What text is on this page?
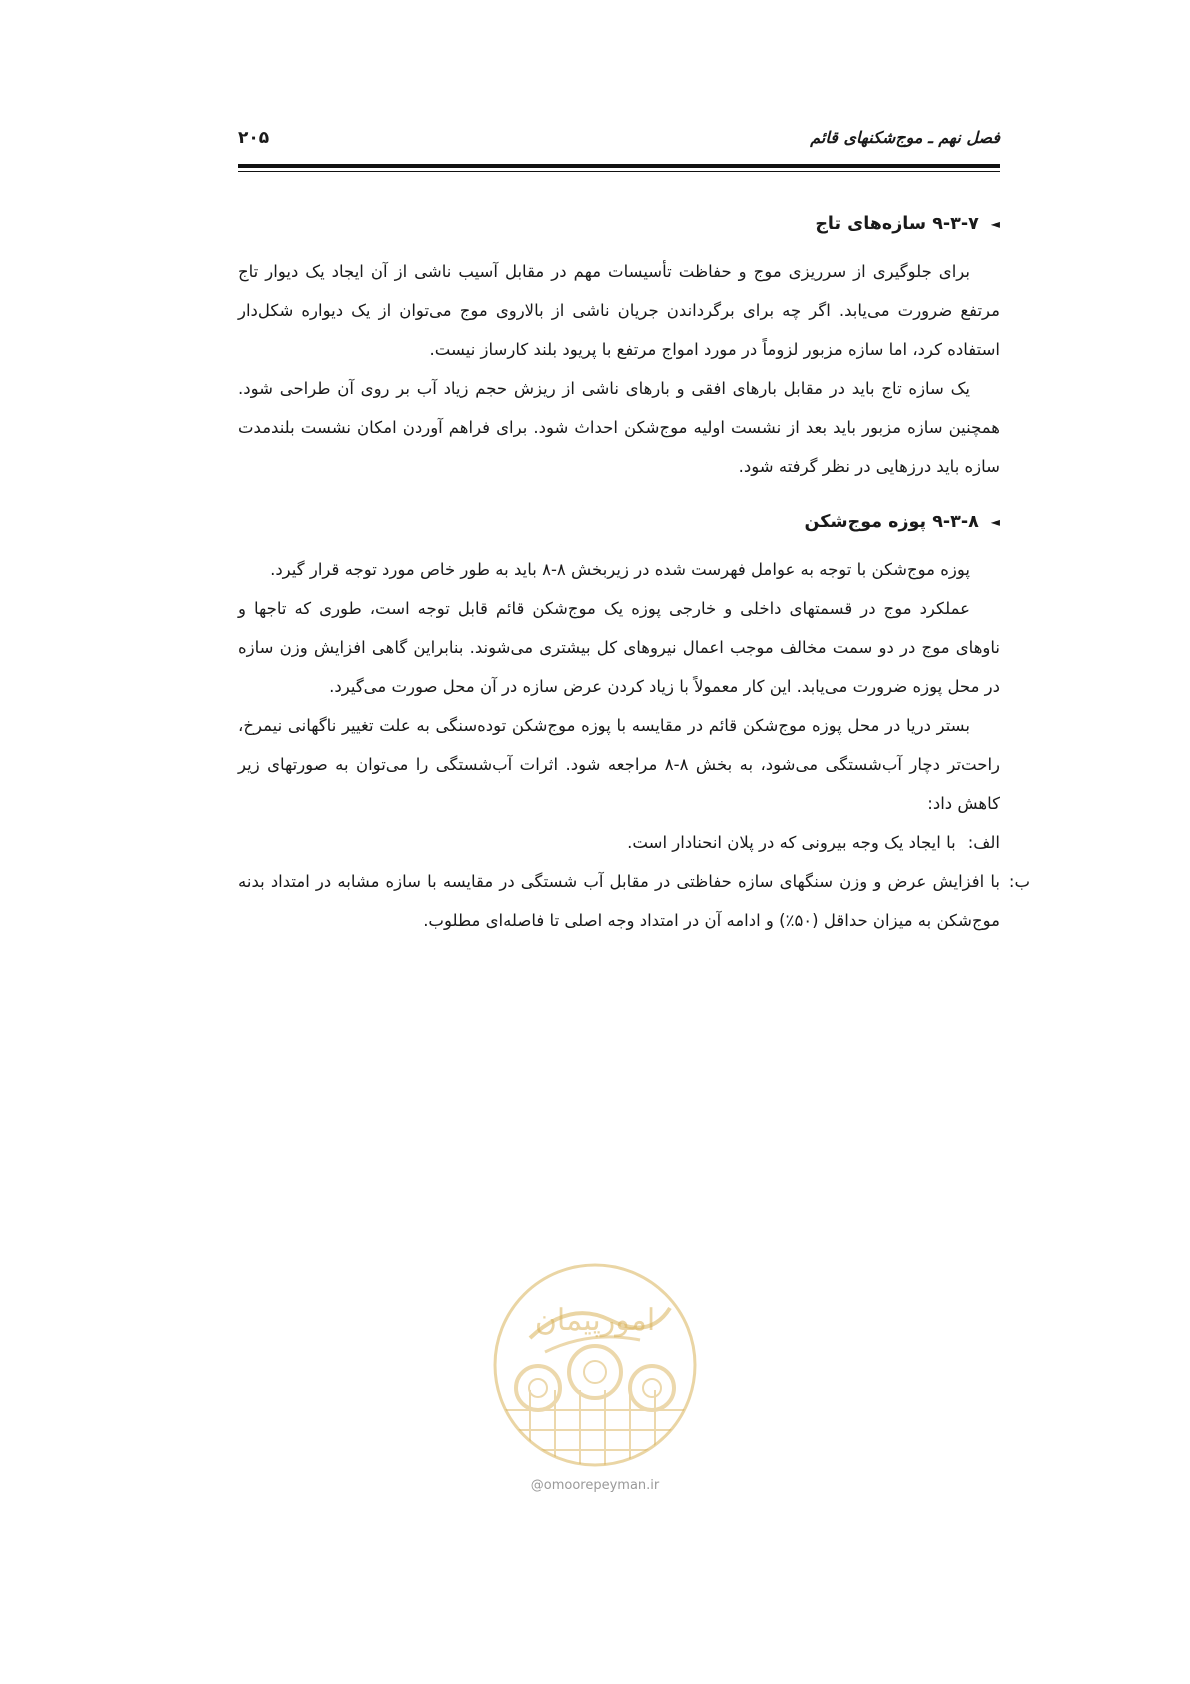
فصل نهم ـ موج‌شکنهای قائم
۲۰۵
◄
۹-۳-۷

سازه‌های تاج

برای جلوگیری از سرریزی موج و حفاظت تأسیسات مهم در مقابل آسیب ناشی از آن ایجاد یک دیوار تاج مرتفع ضرورت می‌یابد. اگر چه برای برگرداندن جریان ناشی از بالاروی موج می‌توان از یک دیواره شکل‌دار استفاده کرد، اما سازه مزبور لزوماً در مورد امواج مرتفع با پریود بلند کارساز نیست.

یک سازه تاج باید در مقابل بارهای افقی و بارهای ناشی از ریزش حجم زیاد آب بر روی آن طراحی شود. همچنین سازه مزبور باید بعد از نشست اولیه موج‌شکن احداث شود. برای فراهم آوردن امکان نشست بلندمدت سازه باید درزهایی در نظر گرفته شود.

◄
۹-۳-۸

پوزه موج‌شکن

پوزه موج‌شکن با توجه به عوامل فهرست شده در زیربخش ۸-۸ باید به طور خاص مورد توجه قرار گیرد.

عملکرد موج در قسمتهای داخلی و خارجی پوزه یک موج‌شکن قائم قابل توجه است، طوری که تاجها و ناوهای موج در دو سمت مخالف موجب اعمال نیروهای کل بیشتری می‌شوند. بنابراین گاهی افزایش وزن سازه در محل پوزه ضرورت می‌یابد. این کار معمولاً با زیاد کردن عرض سازه در آن محل صورت می‌گیرد.

بستر دریا در محل پوزه موج‌شکن قائم در مقایسه با پوزه موج‌شکن توده‌سنگی به علت تغییر ناگهانی نیمرخ، راحت‌تر دچار آب‌شستگی می‌شود، به بخش ۸-۸ مراجعه شود. اثرات آب‌شستگی را می‌توان به صورتهای زیر کاهش داد:

الف:
با ایجاد یک وجه بیرونی که در پلان انحنادار است.
ب:
با افزایش عرض و وزن سنگهای سازه حفاظتی در مقابل آب شستگی در مقایسه با سازه مشابه در امتداد بدنه موج‌شکن به میزان حداقل (۵۰٪) و ادامه آن در امتداد وجه اصلی تا فاصله‌ای مطلوب.
امورپیمان
@omoorepeyman.ir
